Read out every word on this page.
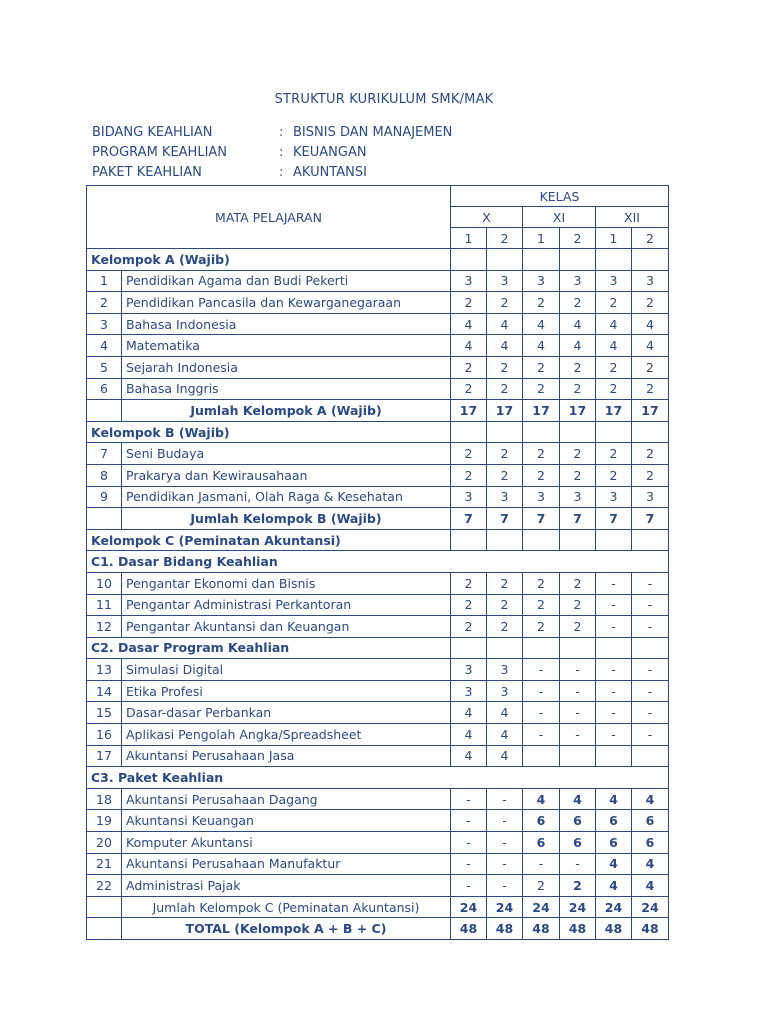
STRUKTUR KURIKULUM SMK/MAK
BIDANG KEAHLIAN	: BISNIS DAN MANAJEMEN
PROGRAM KEAHLIAN	: KEUANGAN
PAKET KEAHLIAN	: AKUNTANSI
MATA PELAJARAN		KELAS					
		X		XI		XII	
		1	2	1	2	1	2
Kelompok A (Wajib)							
1	Pendidikan Agama dan Budi Pekerti	3	3	3	3	3	3
2	Pendidikan Pancasila dan Kewarganegaraan	2	2	2	2	2	2
3	Bahasa Indonesia	4	4	4	4	4	4
4	Matematika	4	4	4	4	4	4
5	Sejarah Indonesia	2	2	2	2	2	2
6	Bahasa Inggris	2	2	2	2	2	2
	Jumlah Kelompok A (Wajib)	17	17	17	17	17	17
Kelompok B (Wajib)							
7	Seni Budaya	2	2	2	2	2	2
8	Prakarya dan Kewirausahaan	2	2	2	2	2	2
9	Pendidikan Jasmani, Olah Raga & Kesehatan	3	3	3	3	3	3
	Jumlah Kelompok B (Wajib)	7	7	7	7	7	7
Kelompok C (Peminatan Akuntansi)							
C1. Dasar Bidang Keahlian							
10	Pengantar Ekonomi dan Bisnis	2	2	2	2	-	-
11	Pengantar Administrasi Perkantoran	2	2	2	2	-	-
12	Pengantar Akuntansi dan Keuangan	2	2	2	2	-	-
C2. Dasar Program Keahlian							
13	Simulasi Digital	3	3	-	-	-	-
14	Etika Profesi	3	3	-	-	-	-
15	Dasar-dasar Perbankan	4	4	-	-	-	-
16	Aplikasi Pengolah Angka/Spreadsheet	4	4	-	-	-	-
17	Akuntansi Perusahaan Jasa	4	4				
C3. Paket Keahlian							
18	Akuntansi Perusahaan Dagang	-	-	4	4	4	4
19	Akuntansi Keuangan	-	-	6	6	6	6
20	Komputer Akuntansi	-	-	6	6	6	6
21	Akuntansi Perusahaan Manufaktur	-	-	-	-	4	4
22	Administrasi Pajak	-	-	2	2	4	4
	Jumlah Kelompok C (Peminatan Akuntansi)	24	24	24	24	24	24
	TOTAL (Kelompok A + B + C)	48	48	48	48	48	48
